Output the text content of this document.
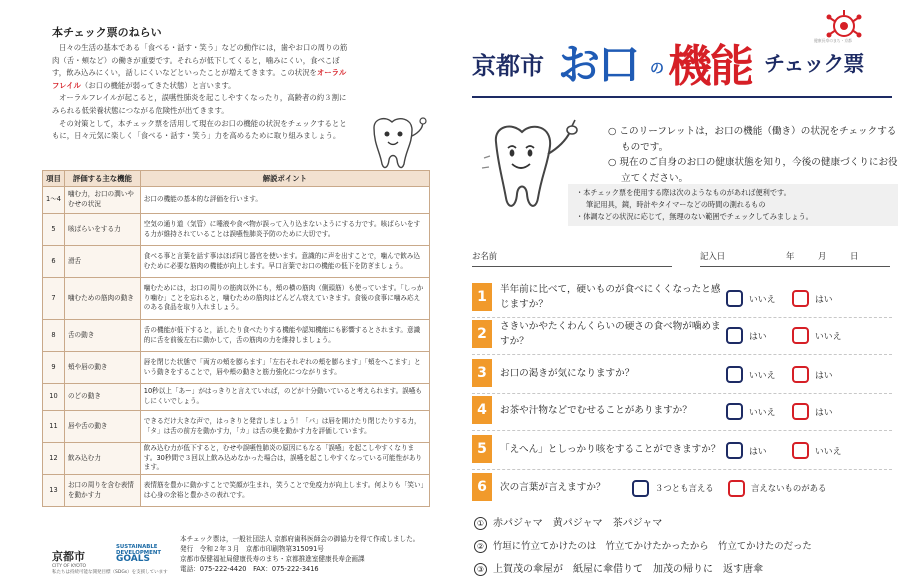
本チェック票のねらい

日々の生活の基本である「食べる・話す・笑う」などの動作には，歯やお口の周りの筋肉（舌・頬など）の働きが重要です。それらが低下してくると，噛みにくい，食べこぼす，飲み込みにくい，話しにくいなどといったことが増えてきます。この状況をオーラルフレイル（お口の機能が弱ってきた状態）と言います。

オーラルフレイルが起こると，誤嚥性肺炎を起こしやすくなったり，高齢者の約３割にみられる低栄養状態につながる危険性が出てきます。

その対策として，本チェック票を活用して現在のお口の機能の状況をチェックするとともに，日々元気に楽しく「食べる・話す・笑う」力を高めるために取り組みましょう。

項目	評価する主な機能	解説ポイント
1～4	噛む力，お口の潤いやむせの状況	お口の機能の基本的な評価を行います。
5	咳ばらいをする力	空気の通り道（気管）に唾液や食べ物が誤って入り込まないようにする力です。咳ばらいをする力が維持されていることは誤嚥性肺炎予防のために大切です。
6	滑舌	食べる事と言葉を話す事はほぼ同じ器官を使います。意識的に声を出すことで，噛んで飲み込むために必要な筋肉の機能が向上します。早口言葉でお口の機能の低下を防ぎましょう。
7	噛むための筋肉の動き	噛むためには，お口の周りの筋肉以外にも，頬の横の筋肉（側頭筋）も使っています。「しっかり噛む」ことを忘れると，噛むための筋肉はどんどん衰えていきます。食後の食事に噛み応えのある食品を取り入れましょう。
8	舌の動き	舌の機能が低下すると，話したり食べたりする機能や認知機能にも影響するとされます。意識的に舌を前後左右に動かして，舌の筋肉の力を維持しましょう。
9	頬や唇の動き	唇を閉じた状態で「両方の頬を膨らます」「左右それぞれの頬を膨らます」「頬をへこます」という動きをすることで，唇や頬の動きと筋力強化につながります。
10	のどの動き	10秒以上「あー」がはっきりと言えていれば，のどが十分動いていると考えられます。誤嚥もしにくいでしょう。
11	唇や舌の動き	できるだけ大きな声で，はっきりと発音しましょう！「パ」は唇を開けたり閉じたりする力，「タ」は舌の前方を動かす力，「カ」は舌の奥を動かす力を評価しています。
12	飲み込む力	飲み込む力が低下すると，むせや誤嚥性肺炎の原因にもなる「誤嚥」を起こしやすくなります。30秒間で３回以上飲み込めなかった場合は，誤嚥を起こしやすくなっている可能性があります。
13	お口の周りを含む表情を動かす力	表情筋を豊かに動かすことで笑顔が生まれ，笑うことで免疫力が向上します。何よりも「笑い」は心身の余裕と豊かさの表れです。
京都市
CITY OF KYOTO
私たちは持続可能な開発目標（SDGs）を支援しています
SUSTAINABLE
DEVELOPMENT
GOALS
本チェック票は，一般社団法人 京都府歯科医師会の御協力を得て作成しました。
発行　令和２年３月　京都市印刷物第315091号
京都市保健福祉局健康長寿のまち・京都推進室健康長寿企画課
電話：075-222-4420　FAX：075-222-3416
健康長寿のまち・京都
京都市 お口 の 機能 チェック票
○ このリーフレットは，お口の機能（働き）の状況をチェックするものです。
○ 現在のご自身のお口の健康状態を知り，今後の健康づくりにお役立てください。
・本チェック票を使用する際は次のようなものがあれば便利です。
筆記用具，鏡，時計やタイマーなどの時間の測れるもの
・体調などの状況に応じて，無理のない範囲でチェックしてみましょう。
お名前	記入日	年	月	日
1	半年前に比べて，硬いものが食べにくくなったと感じますか？	いいえ	はい
2	さきいかやたくわんくらいの硬さの食べ物が噛めますか？	はい	いいえ
3	お口の渇きが気になりますか？	いいえ	はい
4	お茶や汁物などでむせることがありますか？	いいえ	はい
5	「えへん」としっかり咳をすることができますか？	はい	いいえ
6	次の言葉が言えますか？	３つとも言える	言えないものがある
① 赤パジャマ　黄パジャマ　茶パジャマ
② 竹垣に竹立てかけたのは　竹立てかけたかったから　竹立てかけたのだった
③ 上賀茂の傘屋が　紙屋に傘借りて　加茂の帰りに　返す唐傘
